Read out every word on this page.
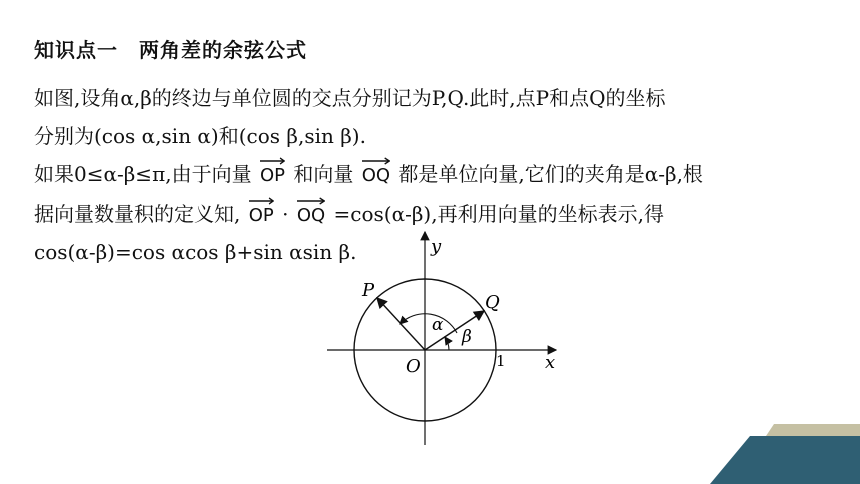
知识点一　两角差的余弦公式
如图,设角α,β的终边与单位圆的交点分别记为P,Q.此时,点P和点Q的坐标
分别为(cos α,sin α)和(cos β,sin β).
如果0≤α-β≤π,由于向量 OP 和向量 OQ 都是单位向量,它们的夹角是α-β,根
据向量数量积的定义知, OP · OQ =cos(α-β),再利用向量的坐标表示,得
cos(α-β)=cos αcos β+sin αsin β.
O	x
y
P
Q
α
β
1
